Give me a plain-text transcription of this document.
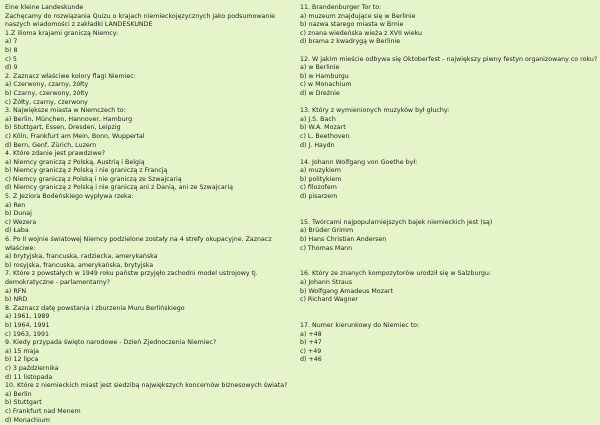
Eine kleine Landeskunde
Zachęcamy do rozwiązania Quizu o krajach niemieckojęzycznych jako podsumowanie
naszych wiadomości z zakładki LANDESKUNDE
1.Z ilioma krajami graniczą Niemcy:
a) 7
b) 8
c) 5
d) 9
2. Zaznacz właściwe kolory flagi Niemiec:
a) Czerwony, czarny, żółty
b) Czarny, czerwony, żółty
c) Żółty, czarny, czerwony
3. Największe miasta w Niemczech to:
a) Berlin, München, Hannover, Hamburg
b) Stuttgart, Essen, Dresden, Leipzig
c) Köln, Frankfurt am Mein, Bonn, Wuppertal
d) Bern, Genf, Zürich, Luzern
4. Które zdanie jest prawdziwe?
a) Niemcy graniczą z Polską, Austrią i Belgią
b) Niemcy graniczą z Polską i nie graniczą z Francją
c) Niemcy graniczą z Polską i nie graniczą ze Szwajcarią
d) Niemcy graniczą z Polską i nie graniczą ani z Danią, ani ze Szwajcarią
5. Z Jeziora Bodeńskiego wypływa rzeka:
a) Ren
b) Dunaj
c) Wezera
d) Łaba
6. Po II wojnie światowej Niemcy podzielone zostały na 4 strefy okupacyjne. Zaznacz
właściwe:
a) brytyjska, francuska, radziecka, amerykańska
b) rosyjska, francuska, amerykańska, brytyjska
7. Które z powstałych w 1949 roku państw przyjęło zachodni model ustrojowy tj.
demokratyczne - parlamentarny?
a) RFN
b) NRD
8. Zaznacz datę powstania i zburzenia Muru Berlińskiego
a) 1961, 1989
b) 1964, 1991
c) 1963, 1991
9. Kiedy przypada święto narodowe - Dzień Zjednoczenia Niemiec?
a) 15 maja
b) 12 lipca
c) 3 października
d) 11 listopada
10. Które z niemieckich miast jest siedzibą największych koncernów biznesowych świata?
a) Berlin
b) Stuttgart
c) Frankfurt nad Menem
d) Monachium
11. Brandenburger Tor to:
a) muzeum znajdujące się w Berlinie
b) nazwa starego miasta w Brnie
c) znana wiedeńska wieża z XVII wieku
d) brama z kwadrygą w Berlinie
12. W jakim mieście odbywa się Oktoberfest - największy piwny festyn organizowany co roku?
a) w Berlinie
b) w Hamburgu
c) w Monachium
d) w Dreźnie
13. Który z wymienionych muzyków był głuchy:
a) J.S. Bach
b) W.A. Mozart
c) L. Beethoven
d) J. Haydn
14. Johann Wolfgang von Goethe był:
a) muzykiem
b) politykiem
c) filozofem
d) pisarzem
15. Twórcami najpopularniejszych bajek niemieckich jest (są)
a) Brüder Grimm
b) Hans Christian Andersen
c) Thomas Mann
16. Który ze znanych kompozytorów urodził się w Salzburgu:
a) Johann Straus
b) Wolfgang Amadeus Mozart
c) Richard Wagner
17. Numer kierunkowy do Niemiec to:
a) +48
b) +47
c) +49
d) +46
